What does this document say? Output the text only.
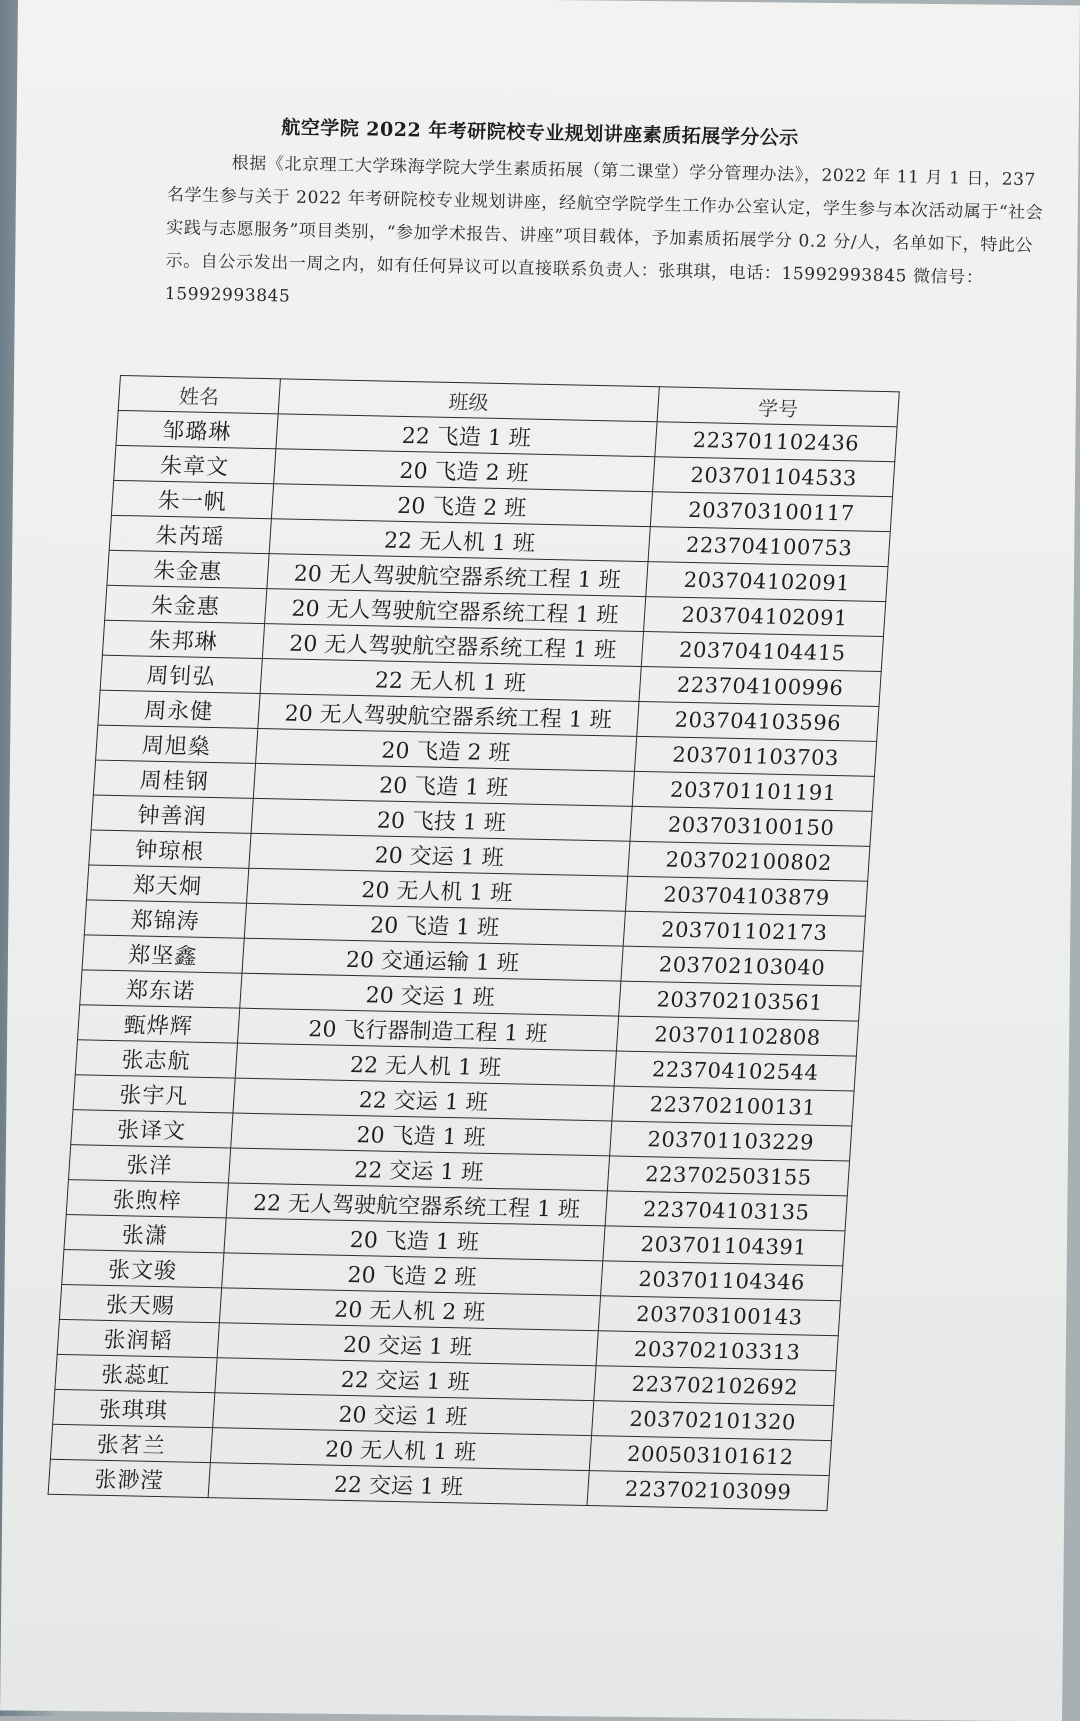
航空学院 2022 年考研院校专业规划讲座素质拓展学分公示

根据《北京理工大学珠海学院大学生素质拓展（第二课堂）学分管理办法》，2022 年 11 月 1 日，237 名学生参与关于 2022 年考研院校专业规划讲座，经航空学院学生工作办公室认定，学生参与本次活动属于“社会实践与志愿服务”项目类别，“参加学术报告、讲座”项目载体，予加素质拓展学分 0.2 分/人，名单如下，特此公示。自公示发出一周之内，如有任何异议可以直接联系负责人：张琪琪，电话：15992993845 微信号：15992993845

姓名	班级	学号
邹璐琳	22 飞造 1 班	223701102436
朱章文	20 飞造 2 班	203701104533
朱一帆	20 飞造 2 班	203703100117
朱芮瑶	22 无人机 1 班	223704100753
朱金惠	20 无人驾驶航空器系统工程 1 班	203704102091
朱金惠	20 无人驾驶航空器系统工程 1 班	203704102091
朱邦琳	20 无人驾驶航空器系统工程 1 班	203704104415
周钊弘	22 无人机 1 班	223704100996
周永健	20 无人驾驶航空器系统工程 1 班	203704103596
周旭燊	20 飞造 2 班	203701103703
周桂钢	20 飞造 1 班	203701101191
钟善润	20 飞技 1 班	203703100150
钟琼根	20 交运 1 班	203702100802
郑天炯	20 无人机 1 班	203704103879
郑锦涛	20 飞造 1 班	203701102173
郑坚鑫	20 交通运输 1 班	203702103040
郑东诺	20 交运 1 班	203702103561
甄烨辉	20 飞行器制造工程 1 班	203701102808
张志航	22 无人机 1 班	223704102544
张宇凡	22 交运 1 班	223702100131
张译文	20 飞造 1 班	203701103229
张洋	22 交运 1 班	223702503155
张煦梓	22 无人驾驶航空器系统工程 1 班	223704103135
张潇	20 飞造 1 班	203701104391
张文骏	20 飞造 2 班	203701104346
张天赐	20 无人机 2 班	203703100143
张润韬	20 交运 1 班	203702103313
张蕊虹	22 交运 1 班	223702102692
张琪琪	20 交运 1 班	203702101320
张茗兰	20 无人机 1 班	200503101612
张渺滢	22 交运 1 班	223702103099
